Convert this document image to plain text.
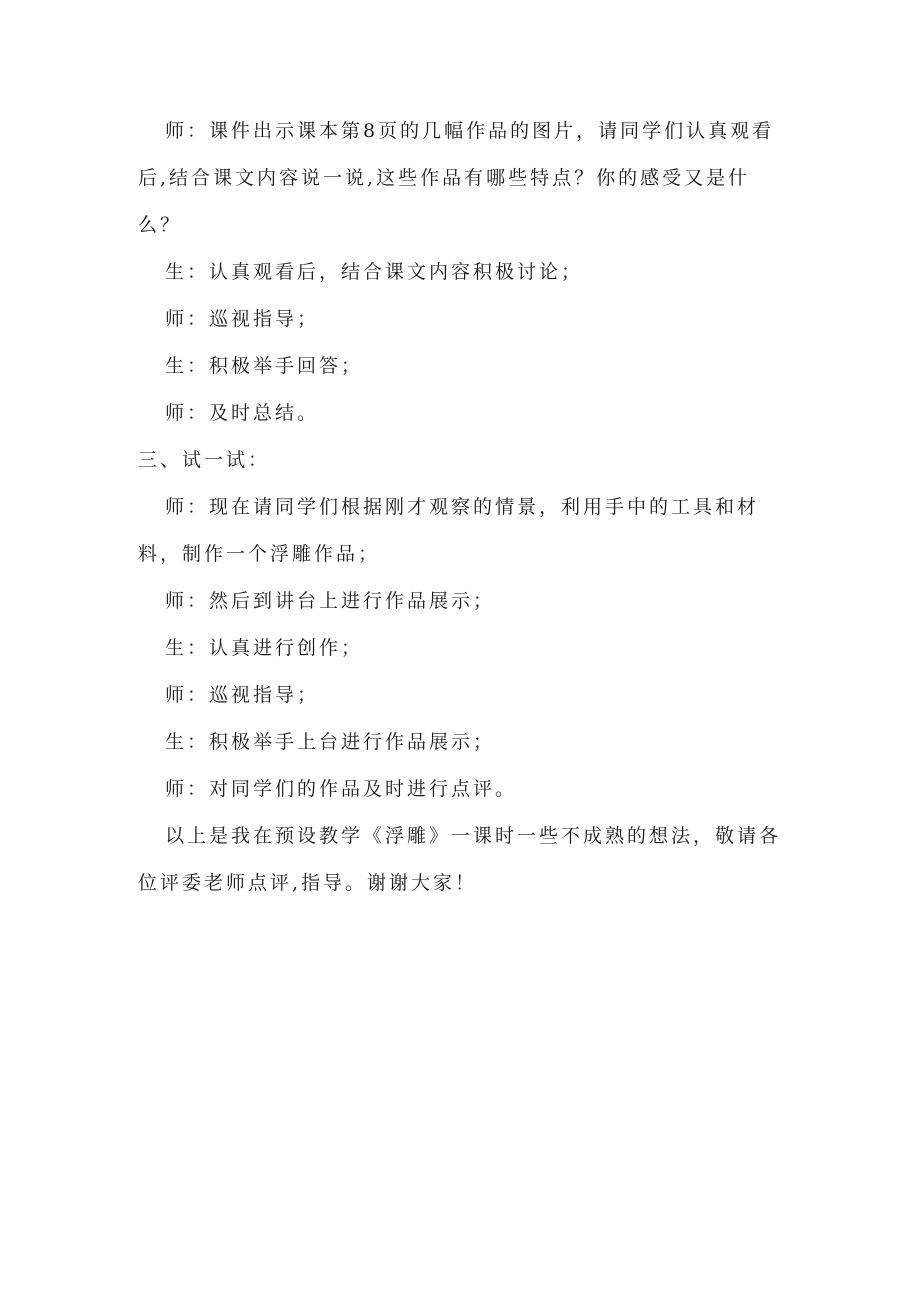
师：课件出示课本第8页的几幅作品的图片，请同学们认真观看后,结合课文内容说一说,这些作品有哪些特点？你的感受又是什么？

生：认真观看后，结合课文内容积极讨论；

师：巡视指导；

生：积极举手回答；

师：及时总结。

三、试一试：

师：现在请同学们根据刚才观察的情景，利用手中的工具和材料，制作一个浮雕作品；

师：然后到讲台上进行作品展示；

生：认真进行创作；

师：巡视指导；

生：积极举手上台进行作品展示；

师：对同学们的作品及时进行点评。

以上是我在预设教学《浮雕》一课时一些不成熟的想法，敬请各位评委老师点评,指导。谢谢大家！
